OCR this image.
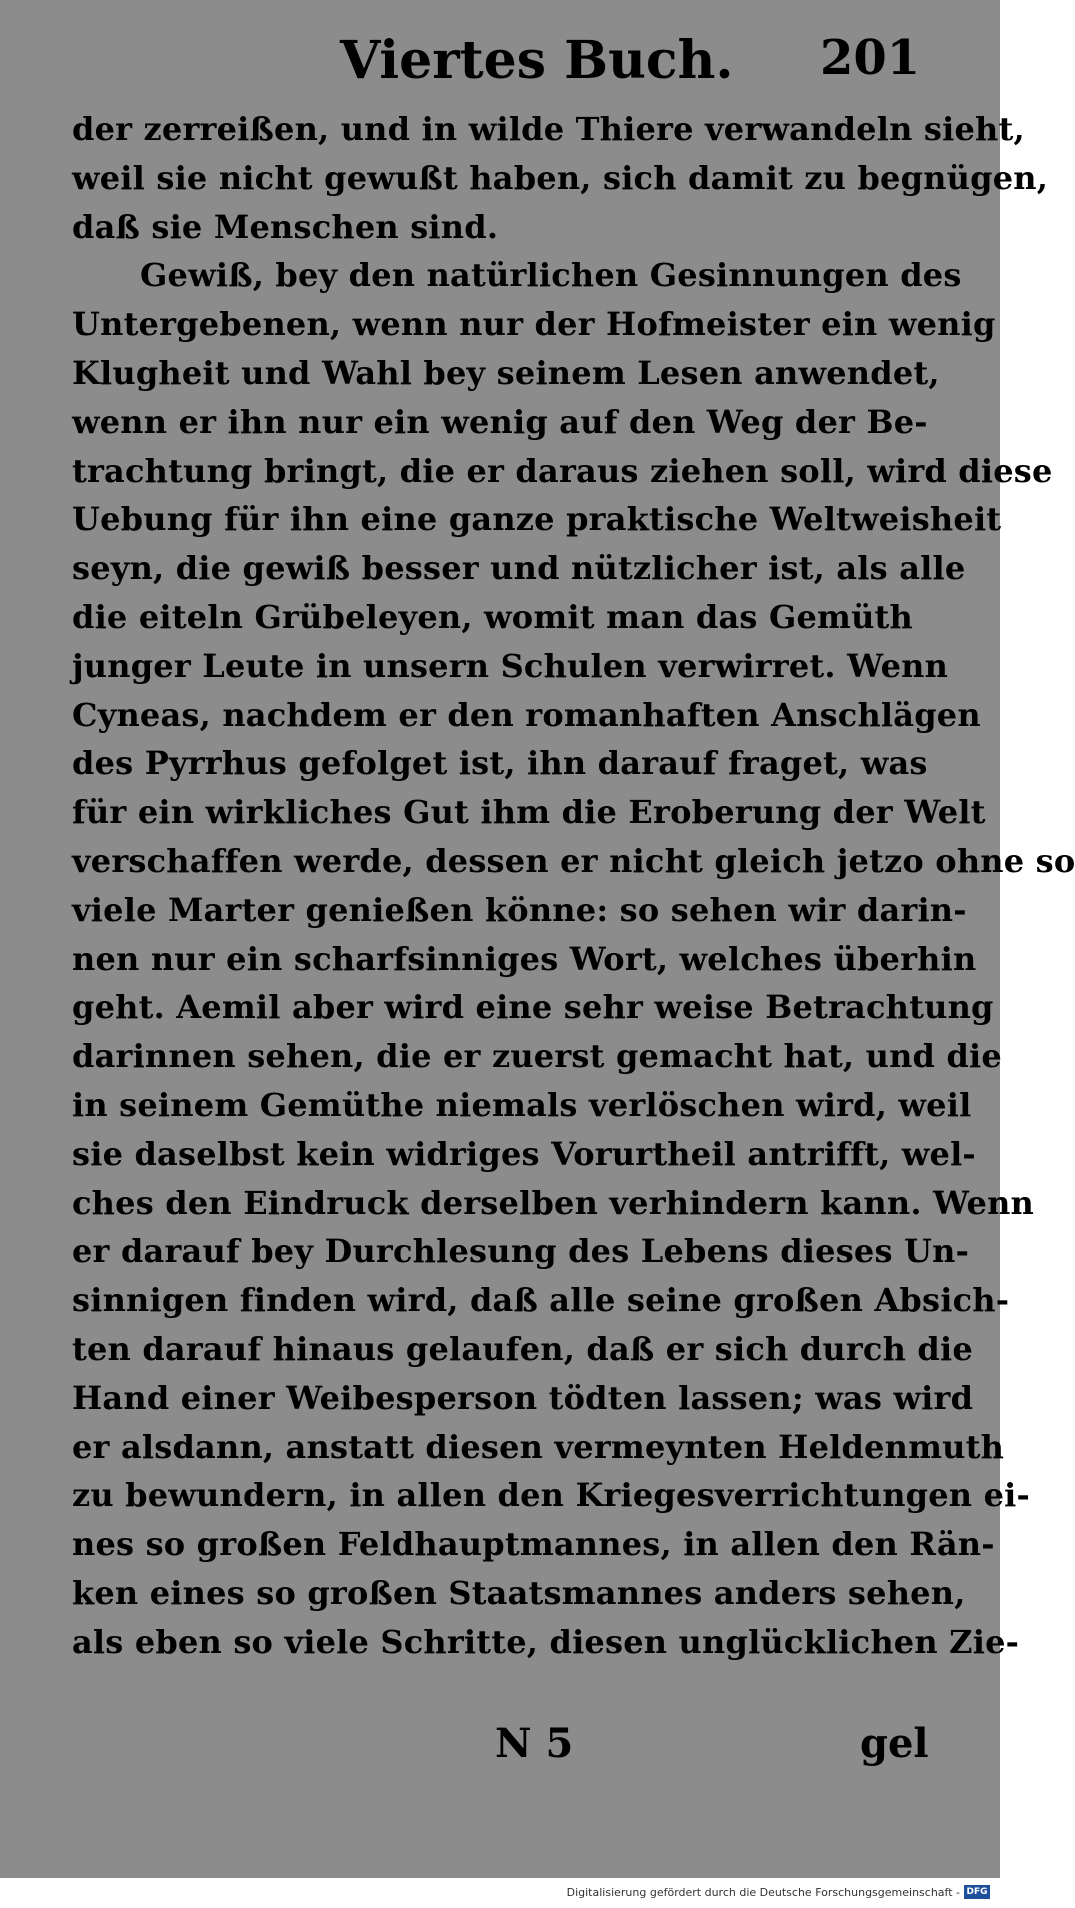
Viertes Buch. 201
der zerreißen, und in wilde Thiere verwandeln sieht,
weil sie nicht gewußt haben, sich damit zu begnügen,
daß sie Menschen sind.
Gewiß, bey den natürlichen Gesinnungen des
Untergebenen, wenn nur der Hofmeister ein wenig
Klugheit und Wahl bey seinem Lesen anwendet,
wenn er ihn nur ein wenig auf den Weg der Be-
trachtung bringt, die er daraus ziehen soll, wird diese
Uebung für ihn eine ganze praktische Weltweisheit
seyn, die gewiß besser und nützlicher ist, als alle
die eiteln Grübeleyen, womit man das Gemüth
junger Leute in unsern Schulen verwirret. Wenn
Cyneas, nachdem er den romanhaften Anschlägen
des Pyrrhus gefolget ist, ihn darauf fraget, was
für ein wirkliches Gut ihm die Eroberung der Welt
verschaffen werde, dessen er nicht gleich jetzo ohne so
viele Marter genießen könne: so sehen wir darin-
nen nur ein scharfsinniges Wort, welches überhin
geht. Aemil aber wird eine sehr weise Betrachtung
darinnen sehen, die er zuerst gemacht hat, und die
in seinem Gemüthe niemals verlöschen wird, weil
sie daselbst kein widriges Vorurtheil antrifft, wel-
ches den Eindruck derselben verhindern kann. Wenn
er darauf bey Durchlesung des Lebens dieses Un-
sinnigen finden wird, daß alle seine großen Absich-
ten darauf hinaus gelaufen, daß er sich durch die
Hand einer Weibesperson tödten lassen; was wird
er alsdann, anstatt diesen vermeynten Heldenmuth
zu bewundern, in allen den Kriegesverrichtungen ei-
nes so großen Feldhauptmannes, in allen den Rän-
ken eines so großen Staatsmannes anders sehen,
als eben so viele Schritte, diesen unglücklichen Zie-
N 5	gel
Digitalisierung gefördert durch die Deutsche Forschungsgemeinschaft - DFG
